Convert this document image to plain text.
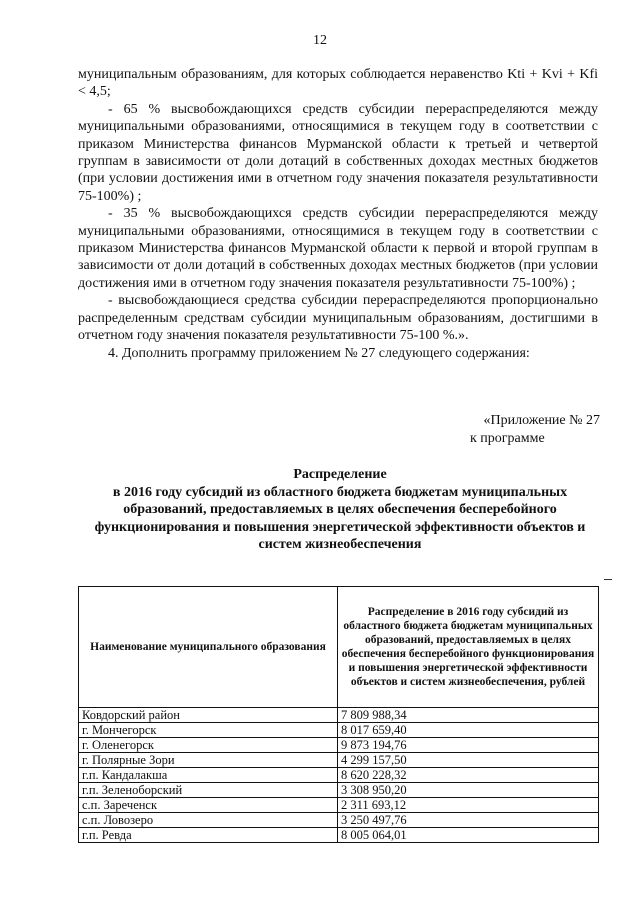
12

муниципальным образованиям, для которых соблюдается неравенство Kti + Kvi + Kfi < 4,5;

- 65 % высвобождающихся средств субсидии перераспределяются между муниципальными образованиями, относящимися в текущем году в соответствии с приказом Министерства финансов Мурманской области к третьей и четвертой группам в зависимости от доли дотаций в собственных доходах местных бюджетов (при условии достижения ими в отчетном году значения показателя результативности 75-100%) ;

- 35 % высвобождающихся средств субсидии перераспределяются между муниципальными образованиями, относящимися в текущем году в соответствии с приказом Министерства финансов Мурманской области к первой и второй группам в зависимости от доли дотаций в собственных доходах местных бюджетов (при условии достижения ими в отчетном году значения показателя результативности 75-100%) ;

- высвобождающиеся средства субсидии перераспределяются пропорционально распределенным средствам субсидии муниципальным образованиям, достигшими в отчетном году значения показателя результативности 75-100 %.».

4. Дополнить программу приложением № 27 следующего содержания:

«Приложение № 27
к программе
Распределение
в 2016 году субсидий из областного бюджета бюджетам муниципальных образований, предоставляемых в целях обеспечения бесперебойного функционирования и повышения энергетической эффективности объектов и систем жизнеобеспечения
Наименование муниципального образования	Распределение в 2016 году субсидий из областного бюджета бюджетам муниципальных образований, предоставляемых в целях обеспечения бесперебойного функционирования и повышения энергетической эффективности объектов и систем жизнеобеспечения, рублей
Ковдорский район	7 809 988,34
г. Мончегорск	8 017 659,40
г. Оленегорск	9 873 194,76
г. Полярные Зори	4 299 157,50
г.п. Кандалакша	8 620 228,32
г.п. Зеленоборский	3 308 950,20
с.п. Зареченск	2 311 693,12
с.п. Ловозеро	3 250 497,76
г.п. Ревда	8 005 064,01
